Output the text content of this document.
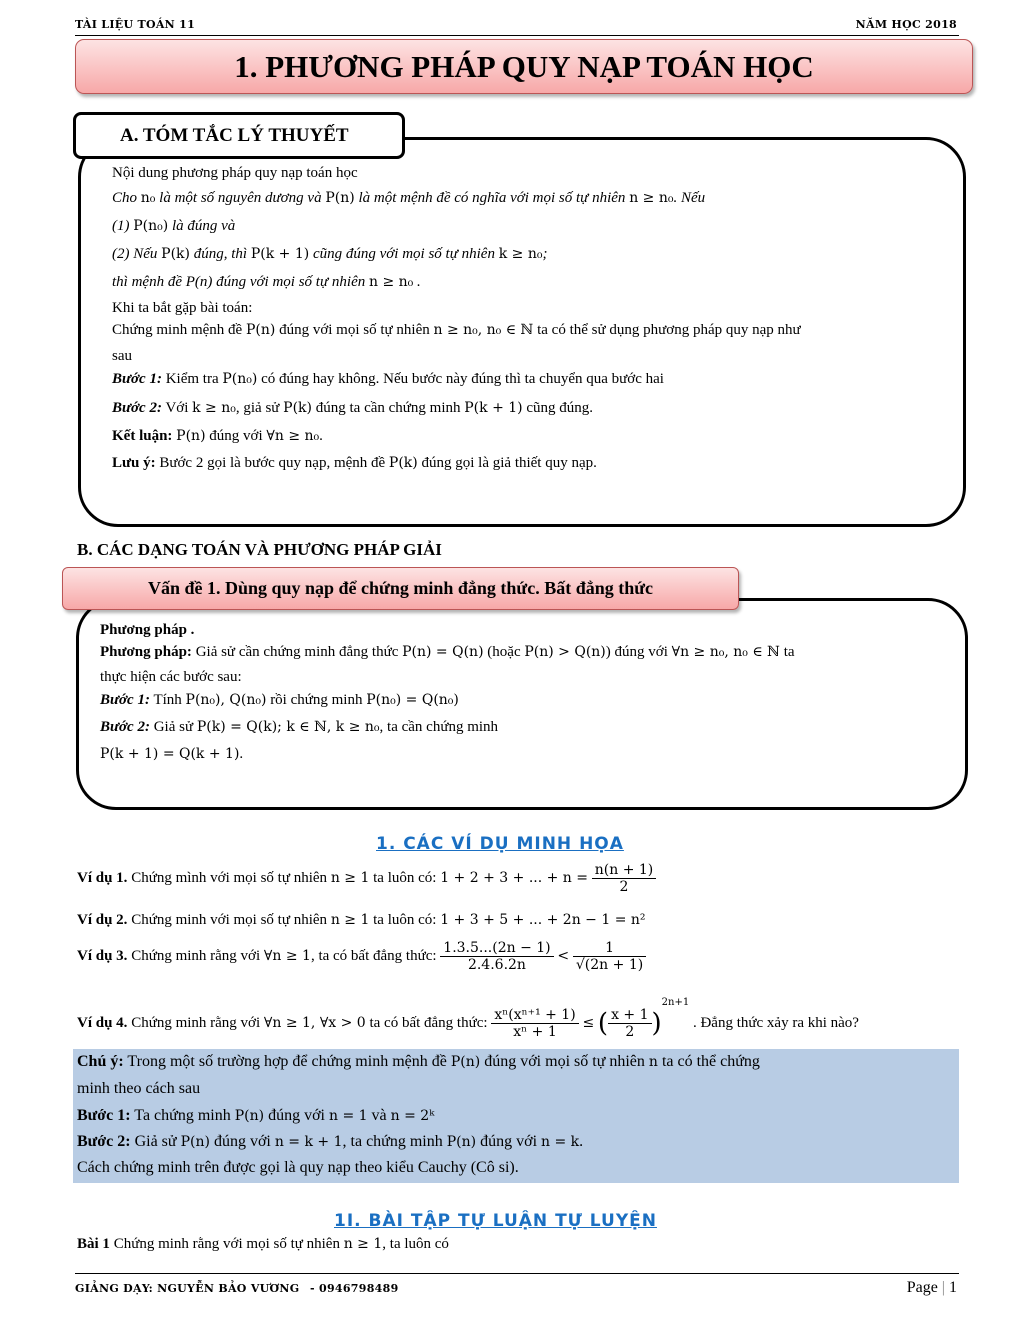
TÀI LIỆU TOÁN 11	NĂM HỌC 2018
1. PHƯƠNG PHÁP QUY NẠP TOÁN HỌC
A. TÓM TẮC LÝ THUYẾT
Nội dung phương pháp quy nạp toán học
Cho n₀ là một số nguyên dương và P(n) là một mệnh đề có nghĩa với mọi số tự nhiên n ≥ n₀. Nếu
(1) P(n₀) là đúng và
(2) Nếu P(k) đúng, thì P(k + 1) cũng đúng với mọi số tự nhiên k ≥ n₀;
thì mệnh đề P(n) đúng với mọi số tự nhiên n ≥ n₀ .
Khi ta bắt gặp bài toán:
Chứng minh mệnh đề P(n) đúng với mọi số tự nhiên n ≥ n₀, n₀ ∈ ℕ ta có thể sử dụng phương pháp quy nạp như
sau
Bước 1: Kiểm tra P(n₀) có đúng hay không. Nếu bước này đúng thì ta chuyển qua bước hai
Bước 2: Với k ≥ n₀, giả sử P(k) đúng ta cần chứng minh P(k + 1) cũng đúng.
Kết luận: P(n) đúng với ∀n ≥ n₀.
Lưu ý: Bước 2 gọi là bước quy nạp, mệnh đề P(k) đúng gọi là giả thiết quy nạp.
B. CÁC DẠNG TOÁN VÀ PHƯƠNG PHÁP GIẢI
Vấn đề 1. Dùng quy nạp để chứng minh đẳng thức. Bất đẳng thức
Phương pháp .
Phương pháp: Giả sử cần chứng minh đẳng thức P(n) = Q(n) (hoặc P(n) > Q(n)) đúng với ∀n ≥ n₀, n₀ ∈ ℕ ta
thực hiện các bước sau:
Bước 1: Tính P(n₀), Q(n₀) rồi chứng minh P(n₀) = Q(n₀)
Bước 2: Giả sử P(k) = Q(k); k ∈ ℕ, k ≥ n₀, ta cần chứng minh
P(k + 1) = Q(k + 1).
1. CÁC VÍ DỤ MINH HỌA
Ví dụ 1. Chứng mình với mọi số tự nhiên n ≥ 1 ta luôn có: 1 + 2 + 3 + ... + $n = \frac{n(n + 1)}{2}$
Ví dụ 2. Chứng minh với mọi số tự nhiên n ≥ 1 ta luôn có: 1 + 3 + 5 + ... + 2n − 1 = n²
Ví dụ 3. Chứng minh rằng với ∀n ≥ 1, ta có bất đẳng thức: $\frac{1.3.5...(2n - 1)}{2.4.6.2n} < \frac{1}{√(2n + 1)}$
Ví dụ 4. Chứng minh rằng với ∀n ≥ 1, ∀x > 0 ta có bất đẳng thức: $\frac{\text{xⁿ(xⁿ⁺¹ + 1)}}{\text{xⁿ + 1}}$ ≤ ( $\frac{x + 1}{2} )^{2n+1}$ . Đẳng thức xảy ra khi nào?
Chú ý: Trong một số trường hợp để chứng minh mệnh đề P(n) đúng với mọi số tự nhiên n ta có thể chứng
minh theo cách sau
Bước 1: Ta chứng minh P(n) đúng với n = 1 và n = 2ᵏ
Bước 2: Giả sử P(n) đúng với n = k + 1, ta chứng minh P(n) đúng với n = k.
Cách chứng minh trên được gọi là quy nạp theo kiểu Cauchy (Cô si).
1I. BÀI TẬP TỰ LUẬN TỰ LUYỆN
Bài 1 Chứng minh rằng với mọi số tự nhiên n ≥ 1, ta luôn có
GIẢNG DẠY: NGUYỄN BẢO VƯƠNG - 0946798489	Page | 1
